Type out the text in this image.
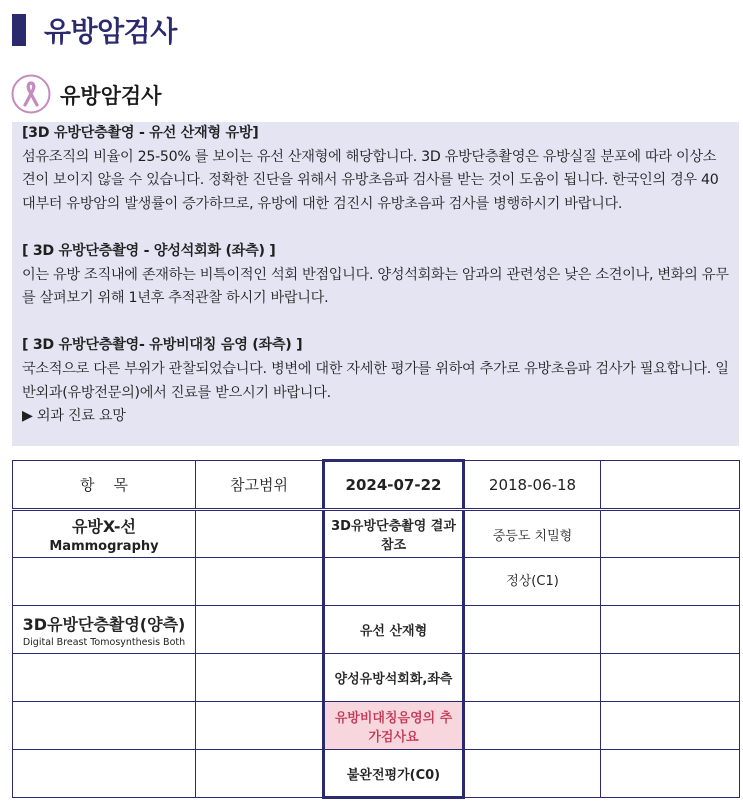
유방암검사
유방암검사

[3D 유방단층촬영 - 유선 산재형 유방]

섬유조직의 비율이 25-50% 를 보이는 유선 산재형에 해당합니다. 3D 유방단층촬영은 유방실질 분포에 따라 이상소견이 보이지 않을 수 있습니다. 정확한 진단을 위해서 유방초음파 검사를 받는 것이 도움이 됩니다. 한국인의 경우 40대부터 유방암의 발생률이 증가하므로, 유방에 대한 검진시 유방초음파 검사를 병행하시기 바랍니다.

[ 3D 유방단층촬영 - 양성석회화 (좌측) ]

이는 유방 조직내에 존재하는 비특이적인 석회 반점입니다. 양성석회화는 암과의 관련성은 낮은 소견이나, 변화의 유무를 살펴보기 위해 1년후 추적관찰 하시기 바랍니다.

[ 3D 유방단층촬영- 유방비대칭 음영 (좌측) ]

국소적으로 다른 부위가 관찰되었습니다. 병변에 대한 자세한 평가를 위하여 추가로 유방초음파 검사가 필요합니다. 일반외과(유방전문의)에서 진료를 받으시기 바랍니다.

▶ 외과 진료 요망

항    목	참고범위	2024-07-22	2018-06-18	

유방X-선
Mammography		3D유방단층촬영 결과참조	중등도 치밀형	
			정상(C1)	

3D유방단층촬영(양측)
Digital Breast Tomosynthesis Both		유선 산재형		
		양성유방석회화,좌측		
		유방비대칭음영의 추가검사요		
		불완전평가(C0)		
